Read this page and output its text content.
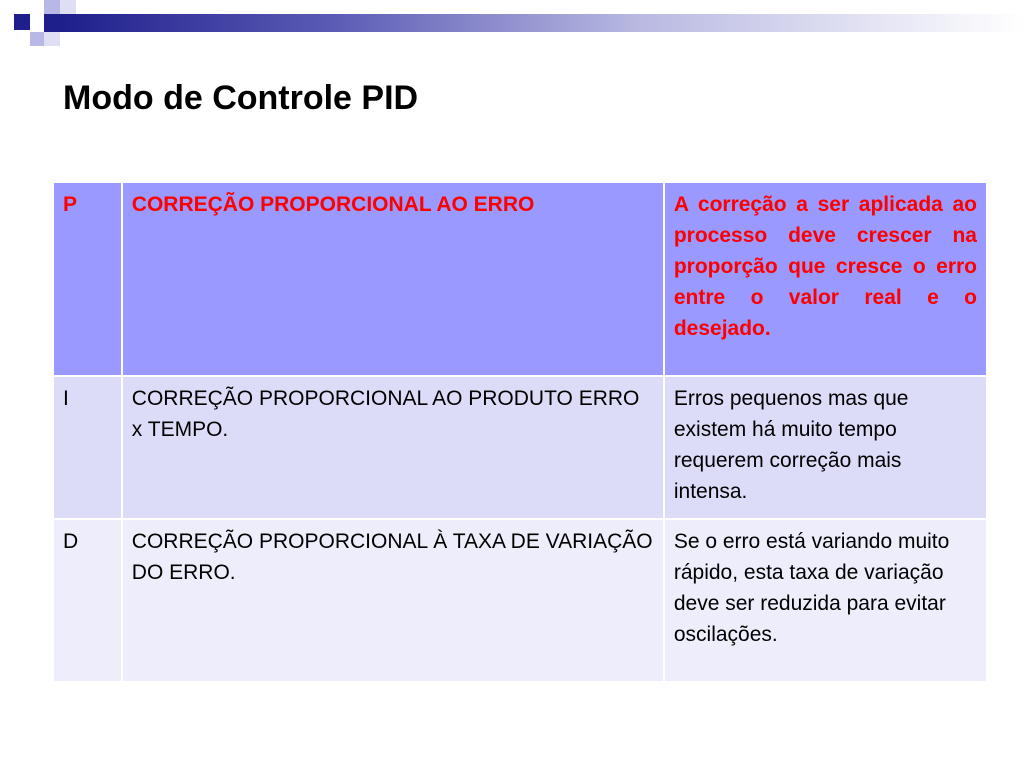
Modo de Controle PID
P	CORREÇÃO PROPORCIONAL AO ERRO	A correção a ser aplicada ao processo deve crescer na proporção que cresce o erro entre o valor real e o desejado.

I	CORREÇÃO PROPORCIONAL AO PRODUTO ERRO x TEMPO.	Erros pequenos mas que existem há muito tempo requerem correção mais intensa.

D	CORREÇÃO PROPORCIONAL À TAXA DE VARIAÇÃO DO ERRO.	Se o erro está variando muito rápido, esta taxa de variação deve ser reduzida para evitar oscilações.
